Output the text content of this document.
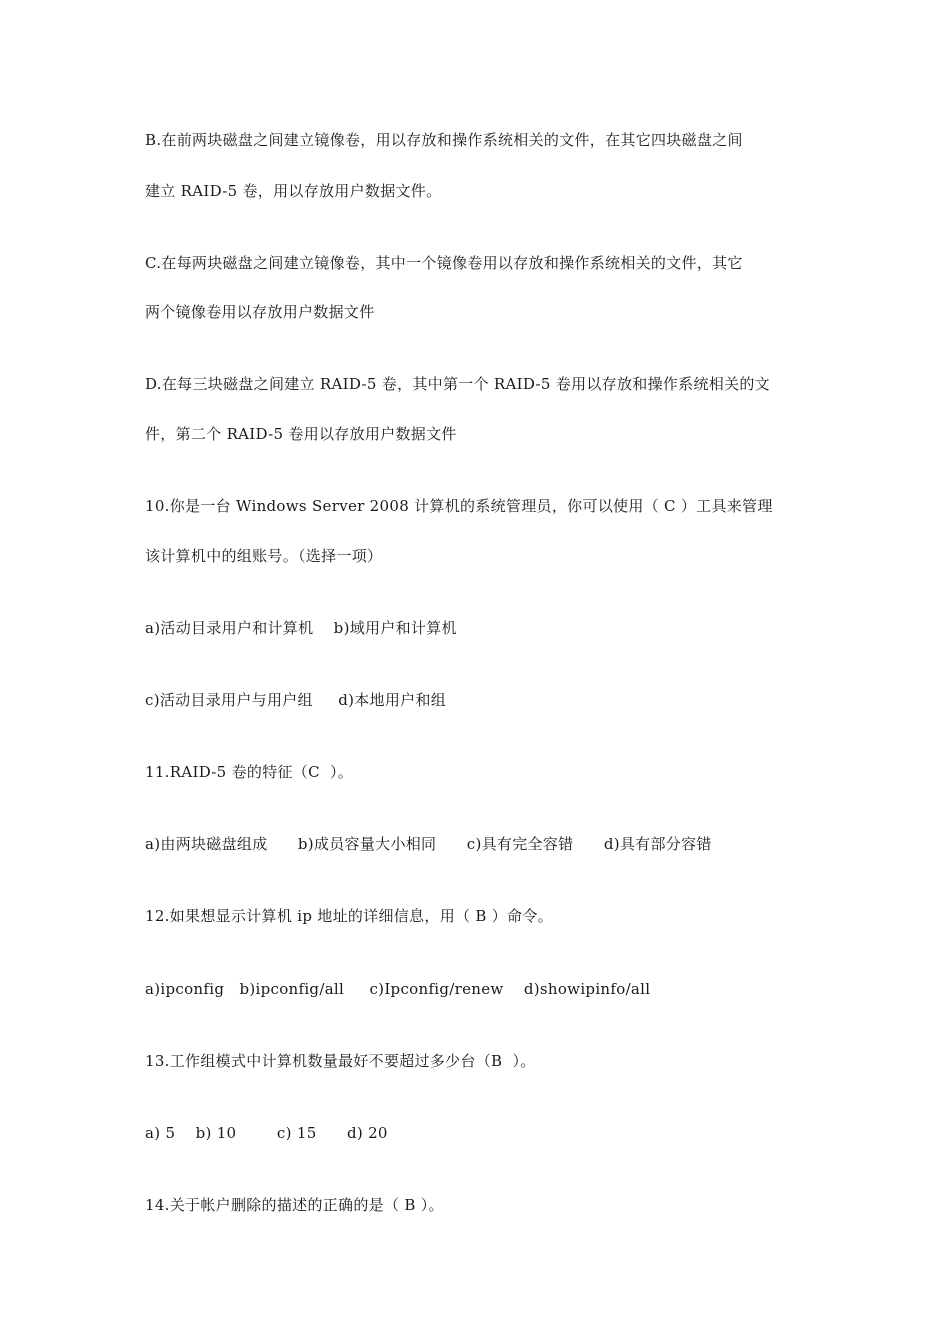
B.在前两块磁盘之间建立镜像卷，用以存放和操作系统相关的文件，在其它四块磁盘之间
建立 RAID-5 卷，用以存放用户数据文件。
C.在每两块磁盘之间建立镜像卷，其中一个镜像卷用以存放和操作系统相关的文件，其它
两个镜像卷用以存放用户数据文件
D.在每三块磁盘之间建立 RAID-5 卷，其中第一个 RAID-5 卷用以存放和操作系统相关的文
件，第二个 RAID-5 卷用以存放用户数据文件
10.你是一台 Windows Server 2008 计算机的系统管理员，你可以使用（ C ）工具来管理
该计算机中的组账号。（选择一项）
a)活动目录用户和计算机    b)域用户和计算机
c)活动目录用户与用户组     d)本地用户和组
11.RAID-5 卷的特征（C  ）。
a)由两块磁盘组成      b)成员容量大小相同      c)具有完全容错      d)具有部分容错
12.如果想显示计算机 ip 地址的详细信息，用（ B ）命令。
a)ipconfig   b)ipconfig/all     c)Ipconfig/renew    d)showipinfo/all
13.工作组模式中计算机数量最好不要超过多少台（B  ）。
a) 5    b) 10        c) 15      d) 20
14.关于帐户删除的描述的正确的是（ B ）。
